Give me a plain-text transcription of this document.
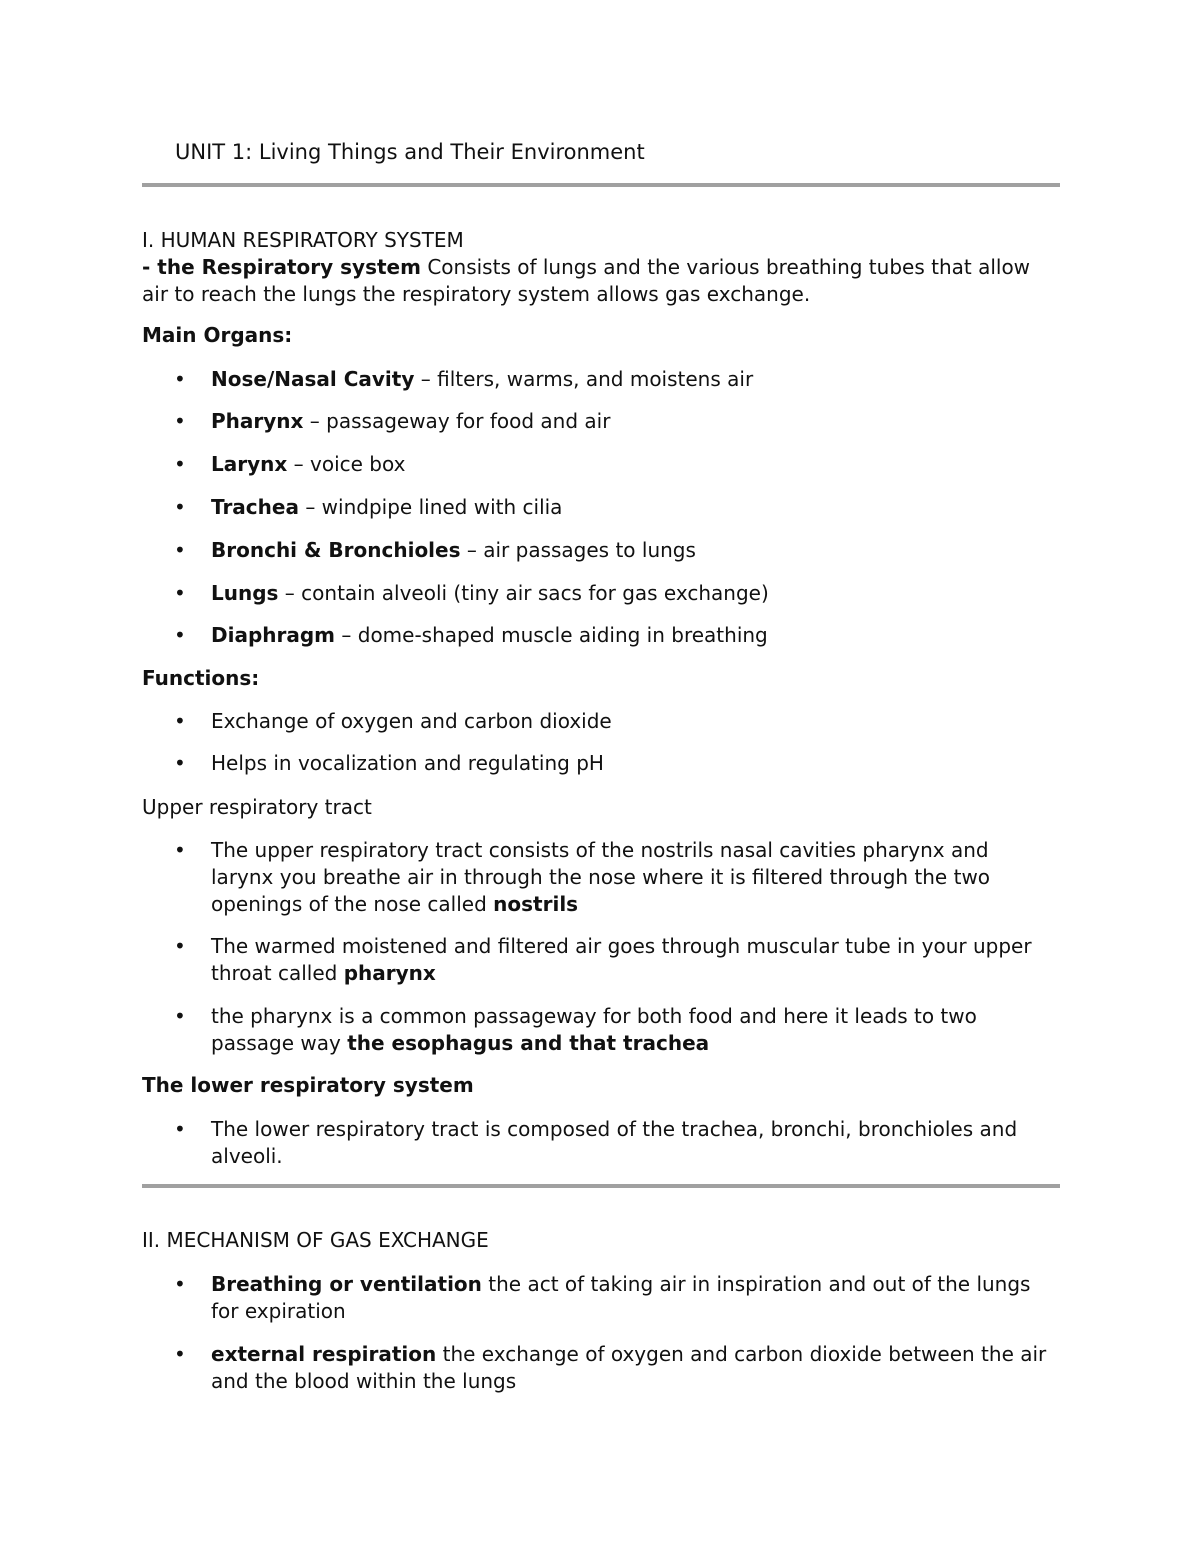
UNIT 1: Living Things and Their Environment
I. HUMAN RESPIRATORY SYSTEM
- the Respiratory system Consists of lungs and the various breathing tubes that allow air to reach the lungs the respiratory system allows gas exchange.
Main Organs:
• Nose/Nasal Cavity – filters, warms, and moistens air
• Pharynx – passageway for food and air
• Larynx – voice box
• Trachea – windpipe lined with cilia
• Bronchi & Bronchioles – air passages to lungs
• Lungs – contain alveoli (tiny air sacs for gas exchange)
• Diaphragm – dome-shaped muscle aiding in breathing
Functions:
• Exchange of oxygen and carbon dioxide
• Helps in vocalization and regulating pH
Upper respiratory tract
• The upper respiratory tract consists of the nostrils nasal cavities pharynx and larynx you breathe air in through the nose where it is filtered through the two openings of the nose called nostrils
• The warmed moistened and filtered air goes through muscular tube in your upper throat called pharynx
• the pharynx is a common passageway for both food and here it leads to two passage way the esophagus and that trachea
The lower respiratory system
• The lower respiratory tract is composed of the trachea, bronchi, bronchioles and alveoli.
II. MECHANISM OF GAS EXCHANGE
• Breathing or ventilation the act of taking air in inspiration and out of the lungs for expiration
• external respiration the exchange of oxygen and carbon dioxide between the air and the blood within the lungs
